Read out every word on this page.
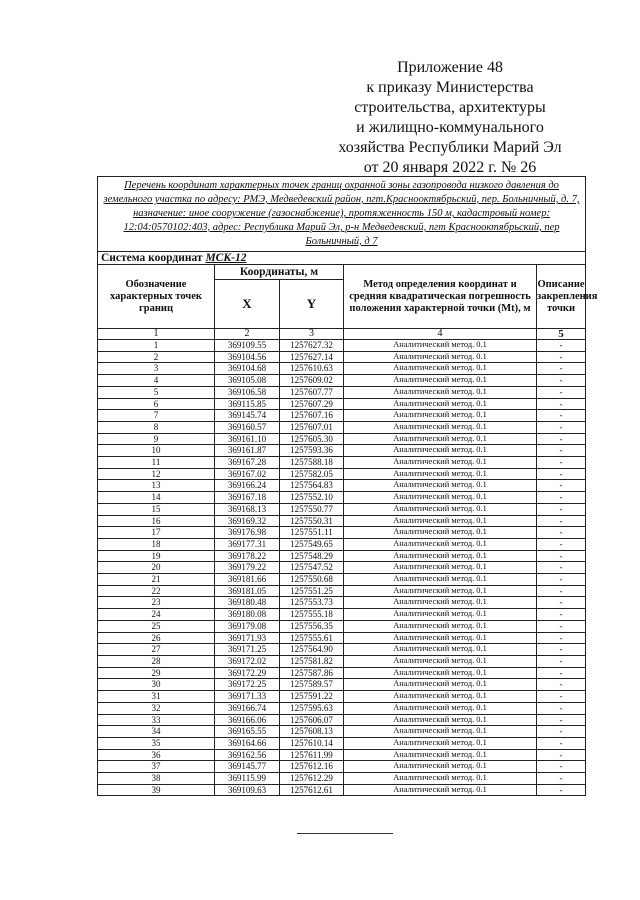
Приложение 48
к приказу Министерства
строительства, архитектуры
и жилищно-коммунального
хозяйства Республики Марий Эл
от 20 января 2022 г. № 26
Перечень координат характерных точек границ охранной зоны газопровода низкого давления до земельного участка по адресу: РМЭ, Медведевский район, пгт.Краснооктябрьский, пер. Больничный, д. 7, назначение: иное сооружение (газоснабжение), протяженность 150 м, кадастровый номер: 12:04:0570102:403, адрес: Республика Марий Эл, р-н Медведевский, пгт Краснооктябрьский, пер Больничный, д 7				
Система координат МСК-12				
Обозначение характерных точек границ	Координаты, м		Метод определения координат и средняя квадратическая погрешность положения характерной точки (Mt), м	Описание закрепления точки
	X	Y		
1	2	3	4	5
1	369109.55	1257627.32	Аналитический метод. 0.1	-
2	369104.56	1257627.14	Аналитический метод. 0.1	-
3	369104.68	1257610.63	Аналитический метод. 0.1	-
4	369105.08	1257609.02	Аналитический метод. 0.1	-
5	369106.58	1257607.77	Аналитический метод. 0.1	-
6	369115.85	1257607.29	Аналитический метод. 0.1	-
7	369145.74	1257607.16	Аналитический метод. 0.1	-
8	369160.57	1257607.01	Аналитический метод. 0.1	-
9	369161.10	1257605.30	Аналитический метод. 0.1	-
10	369161.87	1257593.36	Аналитический метод. 0.1	-
11	369167.28	1257588.18	Аналитический метод. 0.1	-
12	369167.02	1257582.05	Аналитический метод. 0.1	-
13	369166.24	1257564.83	Аналитический метод. 0.1	-
14	369167.18	1257552.10	Аналитический метод. 0.1	-
15	369168.13	1257550.77	Аналитический метод. 0.1	-
16	369169.32	1257550.31	Аналитический метод. 0.1	-
17	369176.98	1257551.11	Аналитический метод. 0.1	-
18	369177.31	1257549.65	Аналитический метод. 0.1	-
19	369178.22	1257548.29	Аналитический метод. 0.1	-
20	369179.22	1257547.52	Аналитический метод. 0.1	-
21	369181.66	1257550.68	Аналитический метод. 0.1	-
22	369181.05	1257551.25	Аналитический метод. 0.1	-
23	369180.48	1257553.73	Аналитический метод. 0.1	-
24	369180.08	1257555.18	Аналитический метод. 0.1	-
25	369179.08	1257556.35	Аналитический метод. 0.1	-
26	369171.93	1257555.61	Аналитический метод. 0.1	-
27	369171.25	1257564.90	Аналитический метод. 0.1	-
28	369172.02	1257581.82	Аналитический метод. 0.1	-
29	369172.29	1257587.86	Аналитический метод. 0.1	-
30	369172.25	1257589.57	Аналитический метод. 0.1	-
31	369171.33	1257591.22	Аналитический метод. 0.1	-
32	369166.74	1257595.63	Аналитический метод. 0.1	-
33	369166.06	1257606.07	Аналитический метод. 0.1	-
34	369165.55	1257608.13	Аналитический метод. 0.1	-
35	369164.66	1257610.14	Аналитический метод. 0.1	-
36	369162.56	1257611.99	Аналитический метод. 0.1	-
37	369145.77	1257612.16	Аналитический метод. 0.1	-
38	369115.99	1257612.29	Аналитический метод. 0.1	-
39	369109.63	1257612.61	Аналитический метод. 0.1	-
